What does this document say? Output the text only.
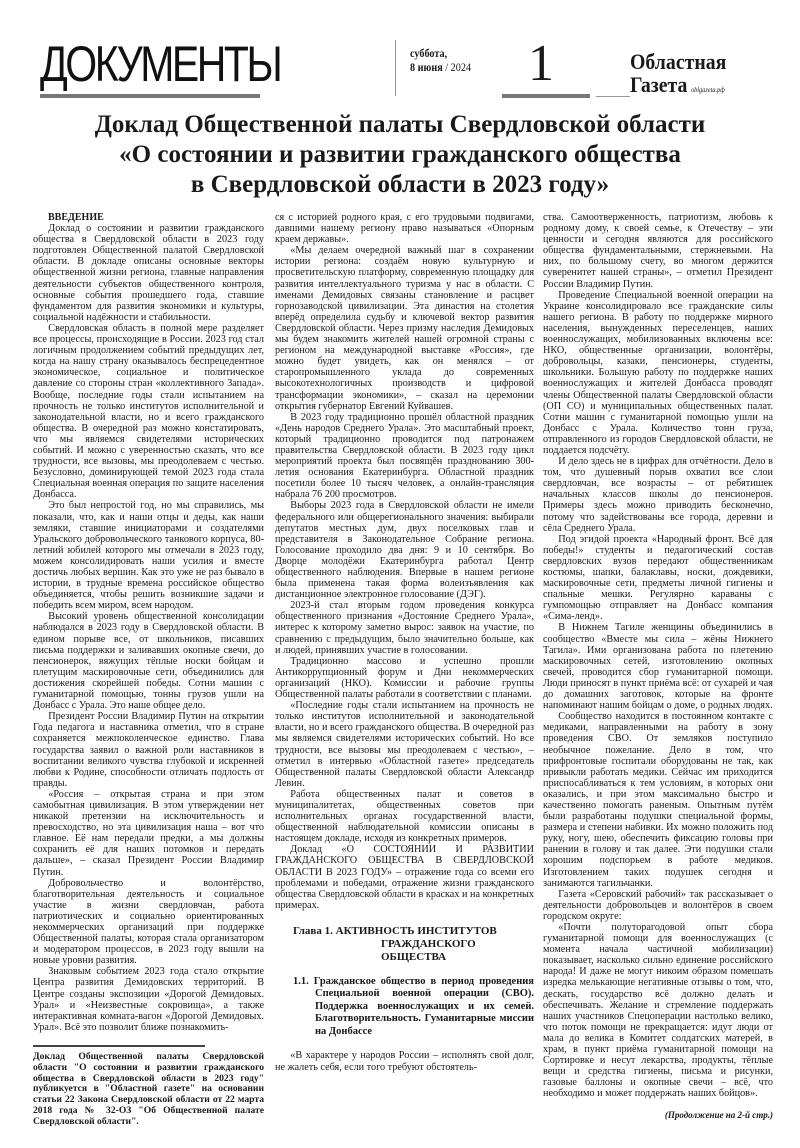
ДОКУМЕНТЫ	суббота,
8 июня / 2024 1	Областная
Газета oblgazeta.рф
Доклад Общественной палаты Свердловской области
«О состоянии и развитии гражданского общества
в Свердловской области в 2023 году»

ВВЕДЕНИЕ

Доклад о состоянии и развитии гражданского общества в Свердловской области в 2023 году подготовлен Общественной палатой Свердловской области. В докладе описаны основные векторы общественной жизни региона, главные направления деятельности субъектов общественного контроля, основные события прошедшего года, ставшие фундаментом для развития экономики и культуры, социальной надёжности и стабильности.

Свердловская область в полной мере разделяет все процессы, происходящие в России. 2023 год стал логичным продолжением событий предыдущих лет, когда на нашу страну оказывалось беспрецедентное экономическое, социальное и политическое давление со стороны стран «коллективного Запада». Вообще, последние годы стали испытанием на прочность не только институтов исполнительной и законодательной власти, но и всего гражданского общества. В очередной раз можно констатировать, что мы являемся свидетелями исторических событий. И можно с уверенностью сказать, что все трудности, все вызовы, мы преодолеваем с честью. Безусловно, доминирующей темой 2023 года стала Специальная военная операция по защите населения Донбасса.

Это был непростой год, но мы справились, мы показали, что, как и наши отцы и деды, как наши земляки, ставшие инициаторами и создателями Уральского добровольческого танкового корпуса, 80-летний юбилей которого мы отмечали в 2023 году, можем консолидировать наши усилия и вместе достичь любых вершин. Как это уже не раз бывало в истории, в трудные времена российское общество объединяется, чтобы решить возникшие задачи и победить всем миром, всем народом.

Высокий уровень общественной консолидации наблюдался в 2023 году в Свердловской области. В едином порыве все, от школьников, писавших письма поддержки и заливавших окопные свечи, до пенсионерок, вяжущих тёплые носки бойцам и плетущим маскировочные сети, объединились для достижения скорейшей победы. Сотни машин с гуманитарной помощью, тонны грузов ушли на Донбасс с Урала. Это наше общее дело.

Президент России Владимир Путин на открытии Года педагога и наставника отметил, что в стране сохраняется межпоколенческое единство. Глава государства заявил о важной роли наставников в воспитании великого чувства глубокой и искренней любви к Родине, способности отличать подлость от правды.

«Россия – открытая страна и при этом самобытная цивилизация. В этом утверждении нет никакой претензии на исключительность и превосходство, но эта цивилизация наша – вот что главное. Её нам передали предки, а мы должны сохранить её для наших потомков и передать дальше», – сказал Президент России Владимир Путин.

Добровольчество и волонтёрство, благотворительная деятельность и социальное участие в жизни свердловчан, работа патриотических и социально ориентированных некоммерческих организаций при поддержке Общественной палаты, которая стала организатором и модератором процессов, в 2023 году вышли на новые уровни развития.

Знаковым событием 2023 года стало открытие Центра развития Демидовских территорий. В Центре созданы экспозиции «Дорогой Демидовых. Урал» и «Неизвестные сокровища», а также интерактивная комната-вагон «Дорогой Демидовых. Урал». Всё это позволит ближе познакомить-

Доклад Общественной палаты Свердловской области "О состоянии и развитии гражданского общества в Свердловской области в 2023 году" публикуется в "Областной газете" на основании статьи 22 Закона Свердловской области от 22 марта 2018 года № 32-ОЗ "Об Общественной палате Свердловской области".

ся с историей родного края, с его трудовыми подвигами, давшими нашему региону право называться «Опорным краем державы».

«Мы делаем очередной важный шаг в сохранении истории региона: создаём новую культурную и просветительскую платформу, современную площадку для развития интеллектуального туризма у нас в области. С именами Демидовых связаны становление и расцвет горнозаводской цивилизации. Эта династия на столетия вперёд определила судьбу и ключевой вектор развития Свердловской области. Через призму наследия Демидовых мы будем знакомить жителей нашей огромной страны с регионом на международной выставке «Россия», где можно будет увидеть, как он менялся – от старопромышленного уклада до современных высокотехнологичных производств и цифровой трансформации экономики», – сказал на церемонии открытия губернатор Евгений Куйвашев.

В 2023 году традиционно прошёл областной праздник «День народов Среднего Урала». Это масштабный проект, который традиционно проводится под патронажем правительства Свердловской области. В 2023 году цикл мероприятий проекта был посвящён празднованию 300-летия основания Екатеринбурга. Областной праздник посетили более 10 тысяч человек, а онлайн-трансляция набрала 76 200 просмотров.

Выборы 2023 года в Свердловской области не имели федерального или общерегионального значения: выбирали депутатов местных дум, двух поселковых глав и представителя в Законодательное Собрание региона. Голосование проходило два дня: 9 и 10 сентября. Во Дворце молодёжи Екатеринбурга работал Центр общественного наблюдения. Впервые в нашем регионе была применена такая форма волеизъявления как дистанционное электронное голосование (ДЭГ).

2023-й стал вторым годом проведения конкурса общественного признания «Достояние Среднего Урала», интерес к которому заметно вырос: заявок на участие, по сравнению с предыдущим, было значительно больше, как и людей, принявших участие в голосовании.

Традиционно массово и успешно прошли Антикоррупционный форум и Дни некоммерческих организаций (НКО). Комиссии и рабочие группы Общественной палаты работали в соответствии с планами.

«Последние годы стали испытанием на прочность не только институтов исполнительной и законодательной власти, но и всего гражданского общества. В очередной раз мы являемся свидетелями исторических событий. Но все трудности, все вызовы мы преодолеваем с честью», – отметил в интервью «Областной газете» председатель Общественной палаты Свердловской области Александр Левин.

Работа общественных палат и советов в муниципалитетах, общественных советов при исполнительных органах государственной власти, общественной наблюдательной комиссии описаны в настоящем докладе, исходя из конкретных примеров.

Доклад «О СОСТОЯНИИ И РАЗВИТИИ ГРАЖДАНСКОГО ОБЩЕСТВА В СВЕРДЛОВСКОЙ ОБЛАСТИ В 2023 ГОДУ» – отражение года со всеми его проблемами и победами, отражение жизни гражданского общества Свердловской области в красках и на конкретных примерах.

Глава 1. АКТИВНОСТЬ ИНСТИТУТОВ
ГРАЖДАНСКОГО ОБЩЕСТВА
1.1. Гражданское общество в период проведения Специальной военной операции (СВО). Поддержка военнослужащих и их семей. Благотворительность. Гуманитарные миссии на Донбассе

«В характере у народов России – исполнять свой долг, не жалеть себя, если того требуют обстоятель-

ства. Самоотверженность, патриотизм, любовь к родному дому, к своей семье, к Отечеству – эти ценности и сегодня являются для российского общества фундаментальными, стержневыми. На них, по большому счету, во многом держится суверенитет нашей страны», – отметил Президент России Владимир Путин.

Проведение Специальной военной операции на Украине консолидировало все гражданские силы нашего региона. В работу по поддержке мирного населения, вынужденных переселенцев, наших военнослужащих, мобилизованных включены все: НКО, общественные организации, волонтёры, добровольцы, казаки, пенсионеры, студенты, школьники. Большую работу по поддержке наших военнослужащих и жителей Донбасса проводят члены Общественной палаты Свердловской области (ОП СО) и муниципальных общественных палат. Сотни машин с гуманитарной помощью ушли на Донбасс с Урала. Количество тонн груза, отправленного из городов Свердловской области, не поддается подсчёту.

И дело здесь не в цифрах для отчётности. Дело в том, что душевный порыв охватил все слои свердловчан, все возрасты – от ребятишек начальных классов школы до пенсионеров. Примеры здесь можно приводить бесконечно, потому что задействованы все города, деревни и сёла Среднего Урала.

Под эгидой проекта «Народный фронт. Всё для победы!» студенты и педагогический состав свердловских вузов передают общественникам костюмы, шапки, балаклавы, носки, дождевики, маскировочные сети, предметы личной гигиены и спальные мешки. Регулярно караваны с гумпомощью отправляет на Донбасс компания «Сима-ленд».

В Нижнем Тагиле женщины объединились в сообщество «Вместе мы сила – жёны Нижнего Тагила». Ими организована работа по плетению маскировочных сетей, изготовлению окопных свечей, проводится сбор гуманитарной помощи. Люди приносят в пункт приёма всё: от сухарей и чая до домашних заготовок, которые на фронте напоминают нашим бойцам о доме, о родных людях.

Сообщество находится в постоянном контакте с медиками, направленными на работу в зону проведения СВО. От земляков поступило необычное пожелание. Дело в том, что прифронтовые госпитали оборудованы не так, как привыкли работать медики. Сейчас им приходится приспосабливаться к тем условиям, в которых они оказались, и при этом максимально быстро и качественно помогать раненым. Опытным путём были разработаны подушки специальной формы, размера и степени набивки. Их можно положить под руку, ногу, шею, обеспечить фиксацию головы при ранении в голову и так далее. Эти подушки стали хорошим подспорьем в работе медиков. Изготовлением таких подушек сегодня и занимаются тагильчанки.

Газета «Серовский рабочий» так рассказывает о деятельности добровольцев и волонтёров в своем городском округе:

«Почти полуторагодовой опыт сбора гуманитарной помощи для военнослужащих (с момента начала частичной мобилизации) показывает, насколько сильно единение российского народа! И даже не могут никоим образом помешать изредка мелькающие негативные отзывы о том, что, дескать, государство всё должно делать и обеспечивать. Желание и стремление поддержать наших участников Спецоперации настолько велико, что поток помощи не прекращается: идут люди от мала до велика в Комитет солдатских матерей, в храм, в пункт приёма гуманитарной помощи на Сортировке и несут лекарства, продукты, тёплые вещи и средства гигиены, письма и рисунки, газовые баллоны и окопные свечи – всё, что необходимо и может поддержать наших бойцов».

(Продолжение на 2-й стр.)
